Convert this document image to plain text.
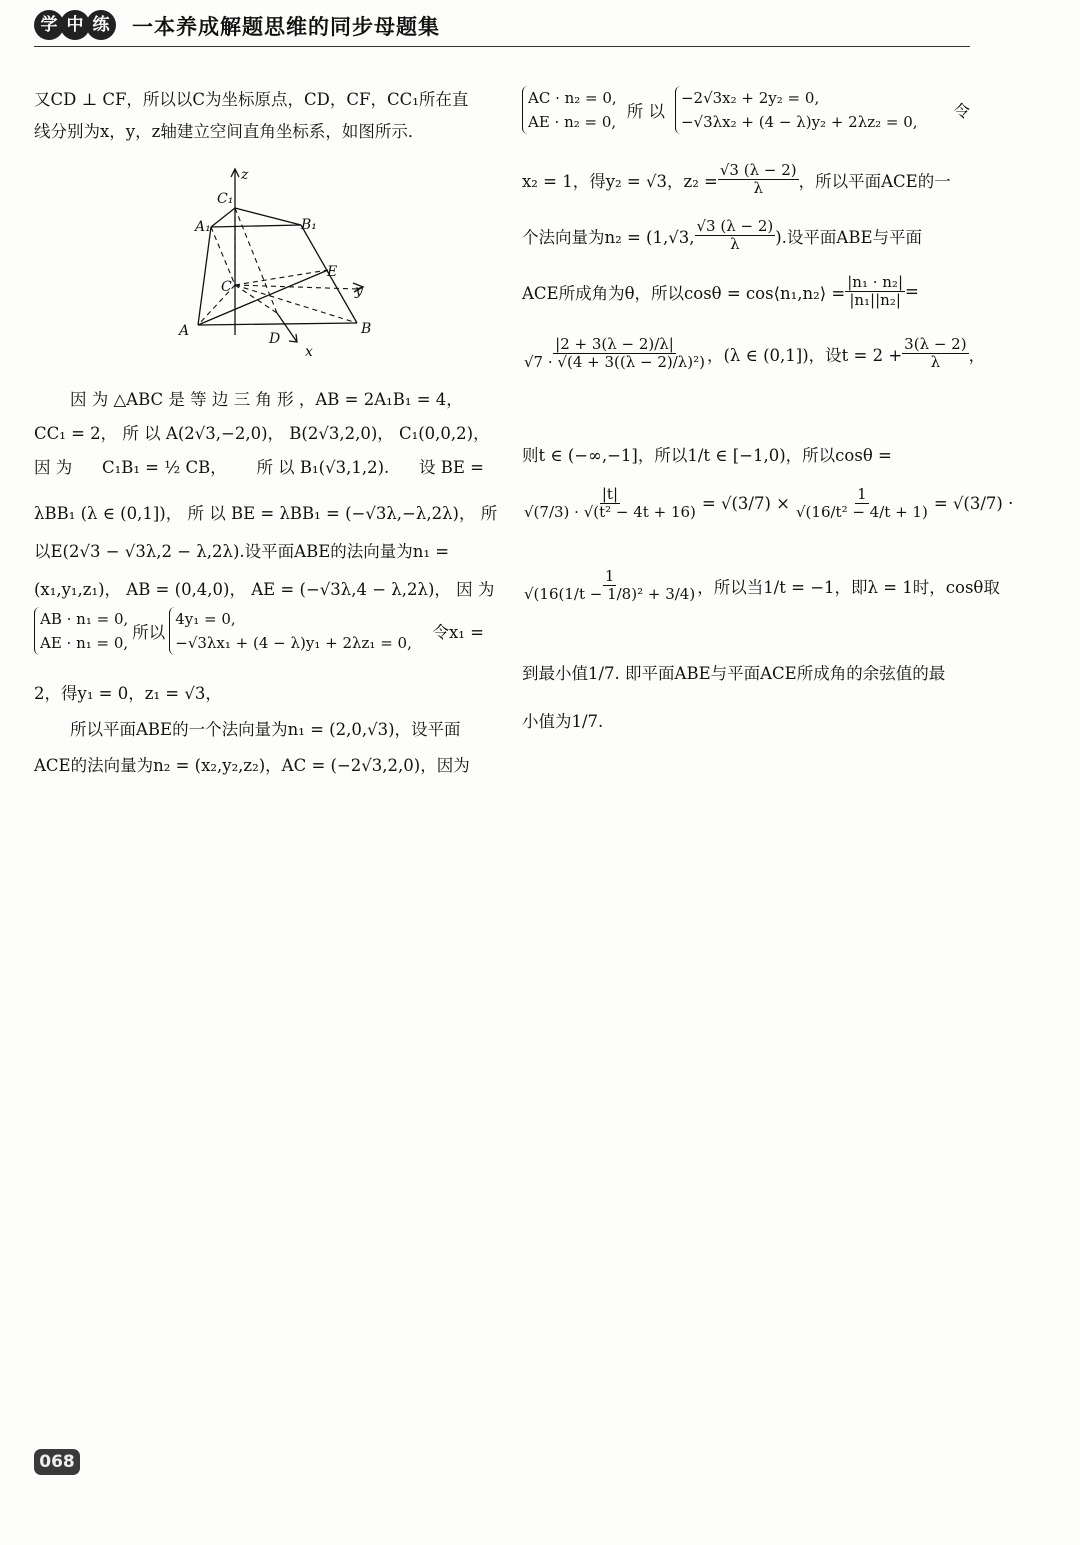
学 中 练	一本养成解题思维的同步母题集
又CD ⊥ CF，所以以C为坐标原点，CD，CF，CC₁所在直
线分别为x，y，z轴建立空间直角坐标系，如图所示．
因 为 △ABC 是 等 边 三 角 形 ，AB = 2A₁B₁ = 4，
CC₁ = 2， 所 以 A(2√3,−2,0)， B(2√3,2,0)， C₁(0,0,2)，
因 为 C₁B₁ = ½ CB， 所 以 B₁(√3,1,2). 设 BE =
λBB₁ (λ ∈ (0,1])， 所 以 BE = λBB₁ = (−√3λ,−λ,2λ)， 所
以E(2√3 − √3λ,2 − λ,2λ).设平面ABE的法向量为n₁ =
(x₁,y₁,z₁)， AB = (0,4,0)， AE = (−√3λ,4 − λ,2λ)， 因 为
AB · n₁ = 0,
AE · n₁ = 0,
所以
4y₁ = 0,
−√3λx₁ + (4 − λ)y₁ + 2λz₁ = 0,
令x₁ =
2，得y₁ = 0，z₁ = √3，
所以平面ABE的一个法向量为n₁ = (2,0,√3)，设平面
ACE的法向量为n₂ = (x₂,y₂,z₂)，AC = (−2√3,2,0)，因为
z
C₁
A₁	B₁
C
E
y
A	B
D
x
AC · n₂ = 0,
AE · n₂ = 0,
所 以
−2√3x₂ + 2y₂ = 0,
−√3λx₂ + (4 − λ)y₂ + 2λz₂ = 0,
令
x₂ = 1，得y₂ = √3，$z_2 = \frac{√3 (\lambda - 2)}{\lambda}$ ，所以平面ACE的一
个法向量为n₂ = (1,√3, $\frac{√3 (\lambda - 2)}{\lambda}$ ).设平面ABE与平面
ACE所成角为θ，所以cosθ = cos⟨n₁,n₂⟩ = $\frac{\text{|n₁ · n₂|}}{\text{|n₁||n₂|}}$ =
$\frac{|2 + 3(\lambda - 2)/\lambda|}{\text{√7 · √(4 + 3((λ − 2)/λ)²)}}$ ，(λ ∈ (0,1])，设$t = 2 + \frac{3(\lambda - 2)}{\lambda}$ ，
则t ∈ (−∞,−1]，所以1/t ∈ [−1,0)，所以cosθ =
$\frac{|t|}{\text{√(7/3) · √(t² − 4t + 16)}} = √(3/7) \times \frac{1}{\text{√(16/t² − 4/t + 1)}} = √(3/7)$ ·
$\frac{1}{\text{√(16(1/t − 1/8)² + 3/4)}}$ ，所以当1/t = −1，即λ = 1时，cosθ取
到最小值1/7. 即平面ABE与平面ACE所成角的余弦值的最
小值为1/7.
068
